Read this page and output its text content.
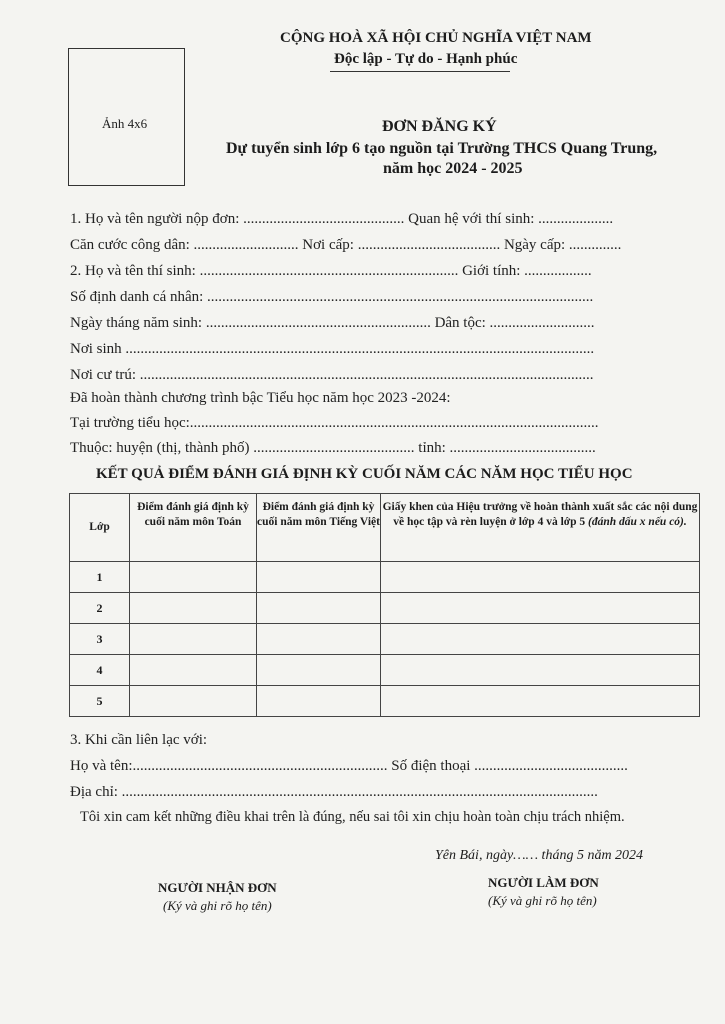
Ảnh 4x6
CỘNG HOÀ XÃ HỘI CHỦ NGHĨA VIỆT NAM
Độc lập - Tự do - Hạnh phúc
ĐƠN ĐĂNG KÝ
Dự tuyển sinh lớp 6 tạo nguồn tại Trường THCS Quang Trung,
năm học 2024 - 2025
1. Họ và tên người nộp đơn: ........................................... Quan hệ với thí sinh: ....................
Căn cước công dân: ............................ Nơi cấp: ...................................... Ngày cấp: ..............
2. Họ và tên thí sinh: ..................................................................... Giới tính: ..................
Số định danh cá nhân: .......................................................................................................
Ngày tháng năm sinh: ............................................................ Dân tộc: ............................
Nơi sinh .............................................................................................................................
Nơi cư trú: .........................................................................................................................
Đã hoàn thành chương trình bậc Tiểu học năm học 2023 -2024:
Tại trường tiểu học:.............................................................................................................
Thuộc: huyện (thị, thành phố) ........................................... tỉnh: .......................................
KẾT QUẢ ĐIỂM ĐÁNH GIÁ ĐỊNH KỲ CUỐI NĂM CÁC NĂM HỌC TIỂU HỌC
Lớp	Điểm đánh giá định kỳ cuối năm môn Toán	Điểm đánh giá định kỳ cuối năm môn Tiếng Việt	Giấy khen của Hiệu trưởng về hoàn thành xuất sắc các nội dung về học tập và rèn luyện ở lớp 4 và lớp 5 (đánh dấu x nếu có).
1			
2			
3			
4			
5			
3. Khi cần liên lạc với:
Họ và tên:.................................................................... Số điện thoại .........................................
Địa chỉ: ...............................................................................................................................
Tôi xin cam kết những điều khai trên là đúng, nếu sai tôi xin chịu hoàn toàn chịu trách nhiệm.
Yên Bái, ngày…… tháng 5 năm 2024
NGƯỜI NHẬN ĐƠN
(Ký và ghi rõ họ tên)
NGƯỜI LÀM ĐƠN
(Ký và ghi rõ họ tên)
